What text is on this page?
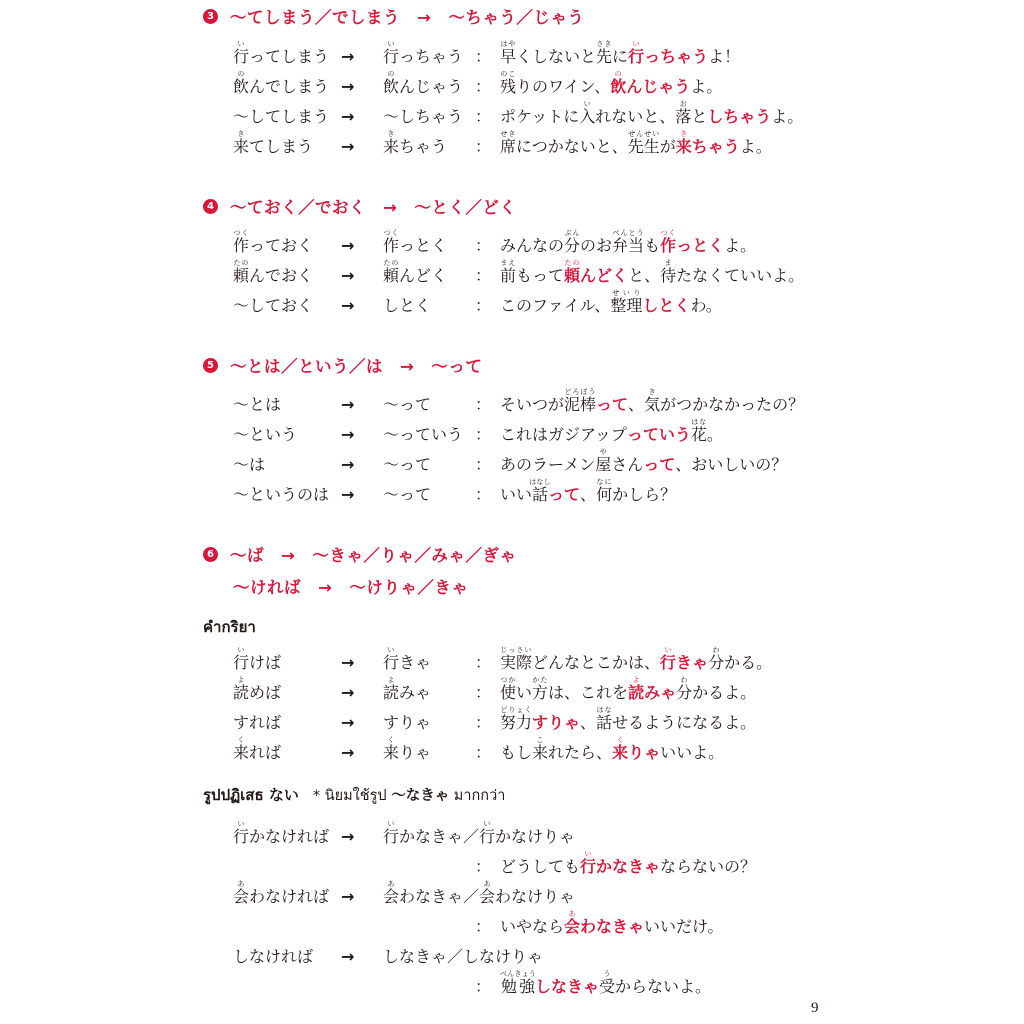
3 〜てしまう／でしまう　→　〜ちゃう／じゃう
行いってしまう → 行いっちゃう ： 早はやくしないと先さきに行いっちゃうよ！
飲のんでしまう → 飲のんじゃう ： 残のこりのワイン、飲のんじゃうよ。
〜してしまう → 〜しちゃう ： ポケットに入いれないと、落おとしちゃうよ。
来きてしまう → 来きちゃう ： 席せきにつかないと、先生せんせいが来きちゃうよ。
4 〜ておく／でおく　→　〜とく／どく
作つくっておく → 作つくっとく ： みんなの分ぶんのお弁当べんとうも作つくっとくよ。
頼たのんでおく → 頼たのんどく ： 前まえもって頼たのんどくと、待またなくていいよ。
〜しておく → しとく	： このファイル、整理せいりしとくわ。
5 〜とは／という／は　→　〜って
〜とは	→ 〜って	： そいつが泥棒どろぼうって、気きがつかなかったの？
〜という	→ 〜っていう ： これはガジアップっていう花はな。
〜は	→ 〜って	： あのラーメン屋やさんって、おいしいの？
〜というのは → 〜って	： いい話はなしって、何なにかしら？
6 〜ば　→　〜きゃ／りゃ／みゃ／ぎゃ
〜ければ　→　〜けりゃ／きゃ
คำกริยา
行いけば	→ 行いきゃ	： 実際じっさいどんなとこかは、行いきゃ分わかる。
読よめば	→ 読よみゃ	： 使つかい方かたは、これを読よみゃ分わかるよ。
すれば	→ すりゃ	： 努力どりょくすりゃ、話はなせるようになるよ。
来くれば	→ 来くりゃ	： もし来これたら、来くりゃいいよ。
รูปปฏิเสธ ない * นิยมใช้รูป 〜なきゃ มากกว่า
行いかなければ → 行いかなきゃ／行いかなけりゃ
： どうしても行いかなきゃならないの？
会あわなければ → 会あわなきゃ／会あわなけりゃ
： いやなら会あわなきゃいいだけ。
しなければ → しなきゃ／しなけりゃ
： 勉強べんきょうしなきゃ受うからないよ。
9
